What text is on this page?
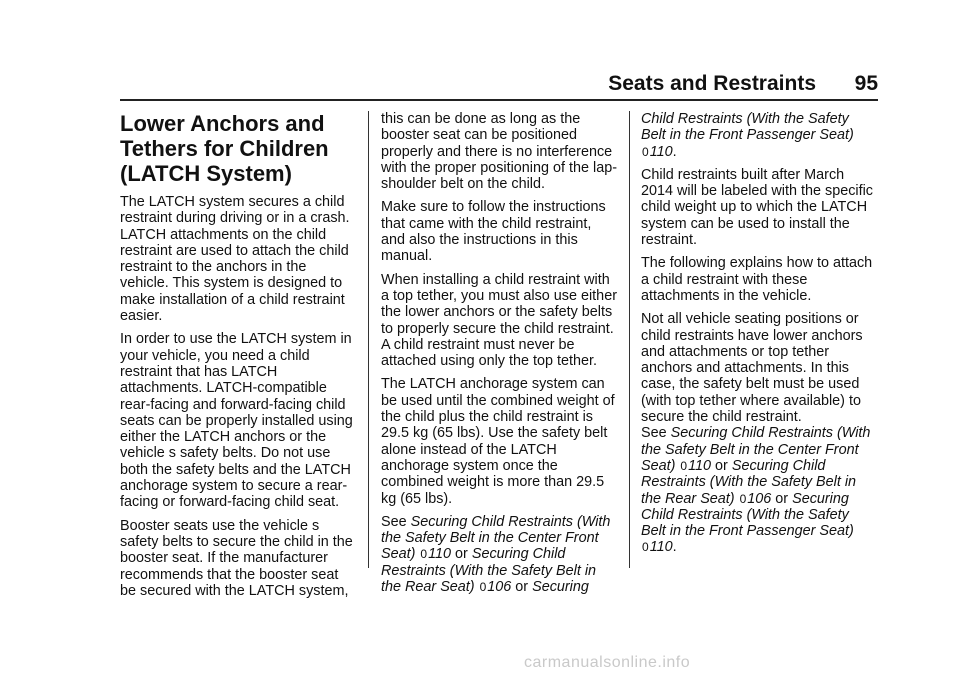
Seats and Restraints 95
Lower Anchors and
Tethers for Children
(LATCH System)

The LATCH system secures a child restraint during driving or in a crash. LATCH attachments on the child restraint are used to attach the child restraint to the anchors in the vehicle. This system is designed to make installation of a child restraint easier.

In order to use the LATCH system in your vehicle, you need a child restraint that has LATCH attachments. LATCH-compatible rear-facing and forward-facing child seats can be properly installed using either the LATCH anchors or the vehicle s safety belts. Do not use both the safety belts and the LATCH anchorage system to secure a rear-facing or forward-facing child seat.

Booster seats use the vehicle s safety belts to secure the child in the booster seat. If the manufacturer recommends that the booster seat be secured with the LATCH system,

this can be done as long as the booster seat can be positioned properly and there is no interference with the proper positioning of the lap-shoulder belt on the child.

Make sure to follow the instructions that came with the child restraint, and also the instructions in this manual.

When installing a child restraint with a top tether, you must also use either the lower anchors or the safety belts to properly secure the child restraint. A child restraint must never be attached using only the top tether.

The LATCH anchorage system can be used until the combined weight of the child plus the child restraint is 29.5 kg (65 lbs). Use the safety belt alone instead of the LATCH anchorage system once the combined weight is more than 29.5 kg (65 lbs).

See Securing Child Restraints (With the Safety Belt in the Center Front Seat) 0110 or Securing Child Restraints (With the Safety Belt in the Rear Seat) 0106 or Securing

Child Restraints (With the Safety Belt in the Front Passenger Seat)
0110.

Child restraints built after March 2014 will be labeled with the specific child weight up to which the LATCH system can be used to install the restraint.

The following explains how to attach a child restraint with these attachments in the vehicle.

Not all vehicle seating positions or child restraints have lower anchors and attachments or top tether anchors and attachments. In this case, the safety belt must be used (with top tether where available) to secure the child restraint.

See Securing Child Restraints (With the Safety Belt in the Center Front Seat) 0110 or Securing Child Restraints (With the Safety Belt in the Rear Seat) 0106 or Securing Child Restraints (With the Safety Belt in the Front Passenger Seat)
0110.

carmanualsonline.info
